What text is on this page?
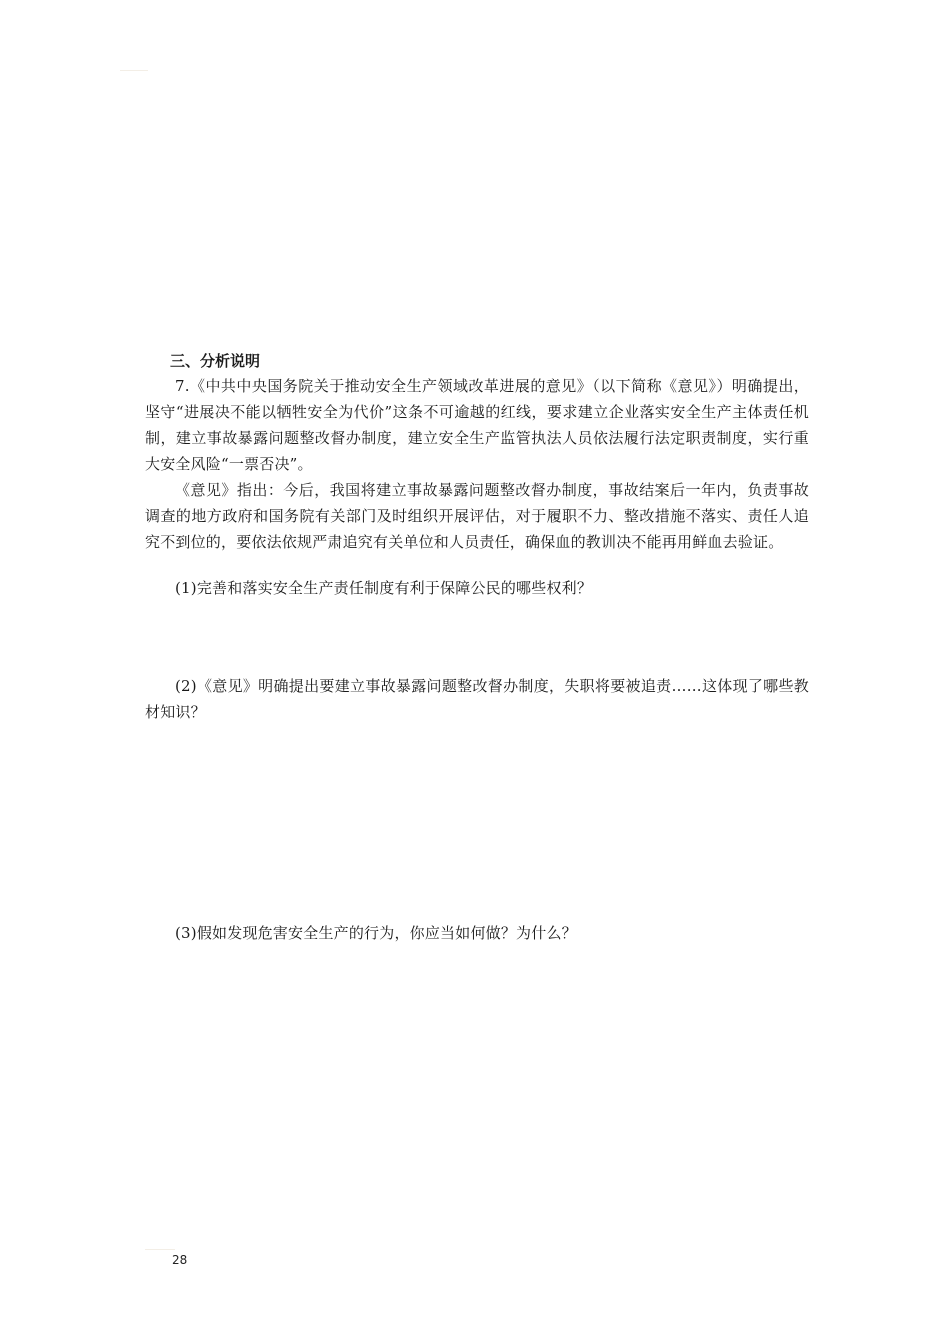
三、分析说明

7.《中共中央国务院关于推动安全生产领域改革进展的意见》（以下简称《意见》）明确提出，坚守“进展决不能以牺牲安全为代价”这条不可逾越的红线，要求建立企业落实安全生产主体责任机制，建立事故暴露问题整改督办制度，建立安全生产监管执法人员依法履行法定职责制度，实行重大安全风险“一票否决”。

《意见》指出：今后，我国将建立事故暴露问题整改督办制度，事故结案后一年内，负责事故调查的地方政府和国务院有关部门及时组织开展评估，对于履职不力、整改措施不落实、责任人追究不到位的，要依法依规严肃追究有关单位和人员责任，确保血的教训决不能再用鲜血去验证。

(1)完善和落实安全生产责任制度有利于保障公民的哪些权利？

(2)《意见》明确提出要建立事故暴露问题整改督办制度，失职将要被追责……这体现了哪些教材知识？

(3)假如发现危害安全生产的行为，你应当如何做？为什么？

28
